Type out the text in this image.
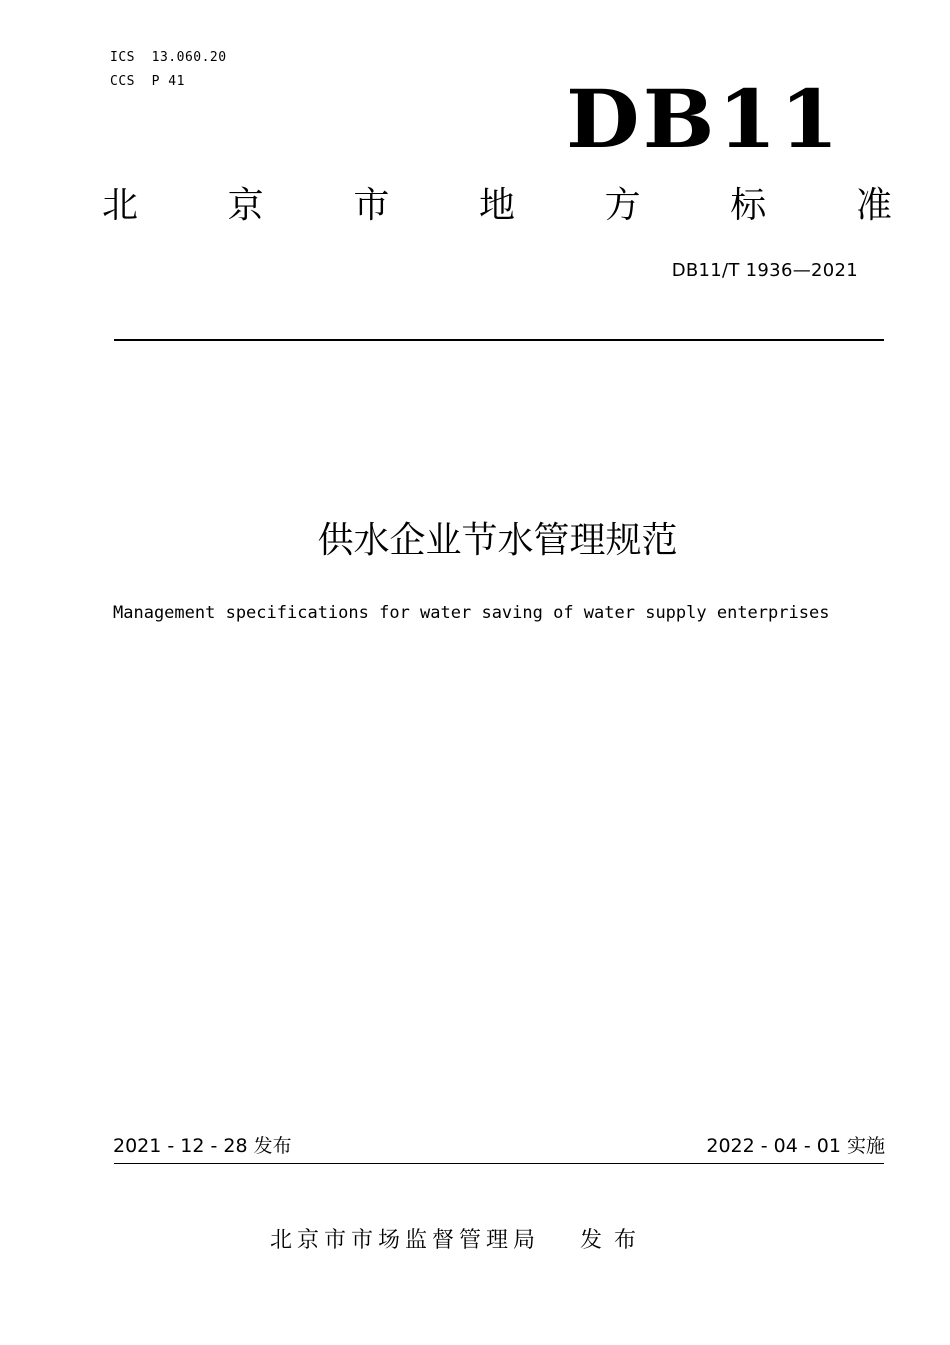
ICS  13.060.20
CCS  P 41	DB11
北 京 市 地 方 标 准
DB11/T 1936—2021
供水企业节水管理规范
Management specifications for water saving of water supply enterprises
2021 - 12 - 28 发布	2022 - 04 - 01 实施
北京市市场监督管理局 发布
